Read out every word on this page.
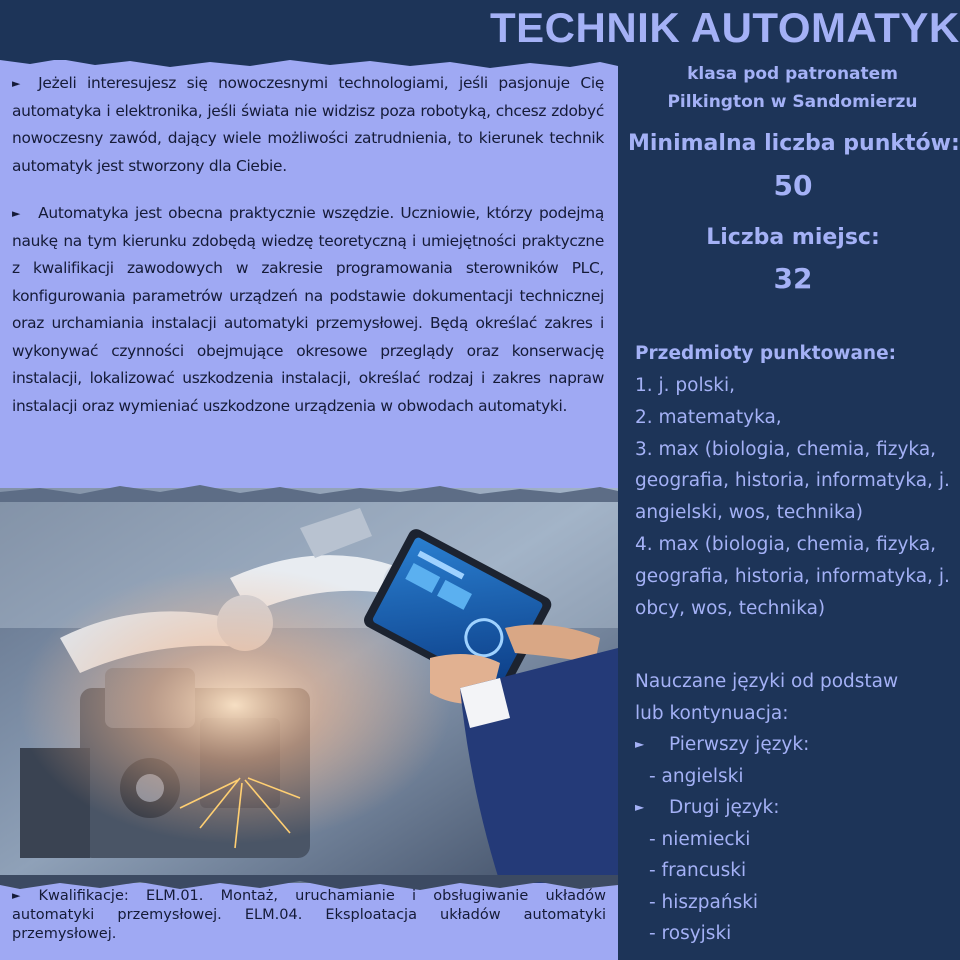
TECHNIK AUTOMATYK
klasa pod patronatem
Pilkington w Sandomierzu
Minimalna liczba punktów:
50
Liczba miejsc:
32

► Jeżeli interesujesz się nowoczesnymi technologiami, jeśli pasjonuje Cię automatyka i elektronika, jeśli świata nie widzisz poza robotyką, chcesz zdobyć nowoczesny zawód, dający wiele możliwości zatrudnienia, to kierunek technik automatyk jest stworzony dla Ciebie.

► Automatyka jest obecna praktycznie wszędzie. Uczniowie, którzy podejmą naukę na tym kierunku zdobędą wiedzę teoretyczną i umiejętności praktyczne z kwalifikacji zawodowych w zakresie programowania sterowników PLC, konfigurowania parametrów urządzeń na podstawie dokumentacji technicznej oraz urchamiania instalacji automatyki przemysłowej. Będą określać zakres i wykonywać czynności obejmujące okresowe przeglądy oraz konserwację instalacji, lokalizować uszkodzenia instalacji, określać rodzaj i zakres napraw instalacji oraz wymieniać uszkodzone urządzenia w obwodach automatyki.

► Kwalifikacje: ELM.01. Montaż, uruchamianie i obsługiwanie układów automatyki przemysłowej. ELM.04. Eksploatacja układów automatyki przemysłowej.

Przedmioty punktowane:
1. j. polski,
2. matematyka,
3. max (biologia, chemia, fizyka, geografia, historia, informatyka, j. angielski, wos, technika)
4. max (biologia, chemia, fizyka, geografia, historia, informatyka, j. obcy, wos, technika)
Nauczane języki od podstaw
lub kontynuacja:
► Pierwszy język:
- angielski
► Drugi język:
- niemiecki
- francuski
- hiszpański
- rosyjski
